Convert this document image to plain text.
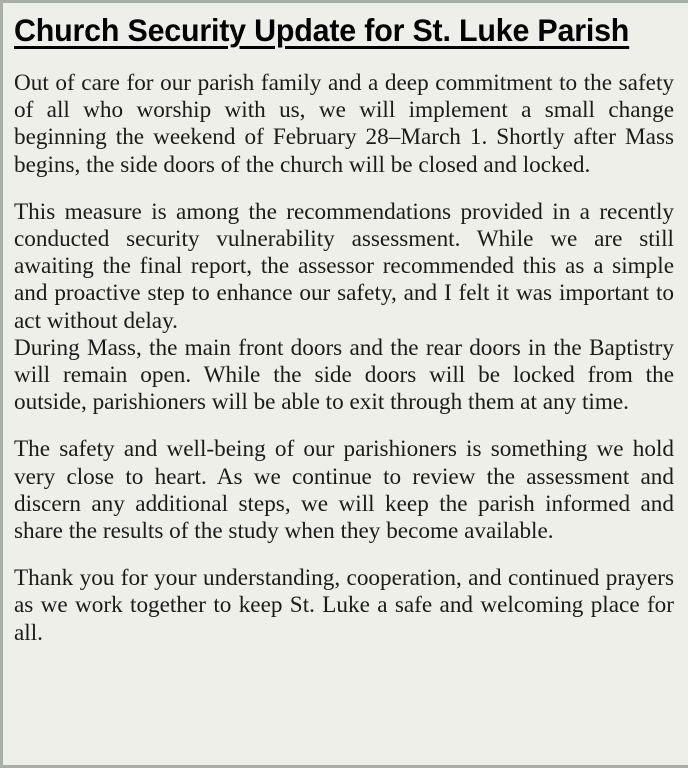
Church Security Update for St. Luke Parish

Out of care for our parish family and a deep commitment to the safety of all who worship with us, we will implement a small change beginning the weekend of February 28–March 1. Shortly after Mass begins, the side doors of the church will be closed and locked.

This measure is among the recommendations provided in a recently conducted security vulnerability assessment. While we are still awaiting the final report, the assessor recommended this as a simple and proactive step to enhance our safety, and I felt it was important to act without delay.

During Mass, the main front doors and the rear doors in the Baptistry will remain open. While the side doors will be locked from the outside, parishioners will be able to exit through them at any time.

The safety and well-being of our parishioners is something we hold very close to heart. As we continue to review the assessment and discern any additional steps, we will keep the parish informed and share the results of the study when they become available.

Thank you for your understanding, cooperation, and continued prayers as we work together to keep St. Luke a safe and welcoming place for all.
